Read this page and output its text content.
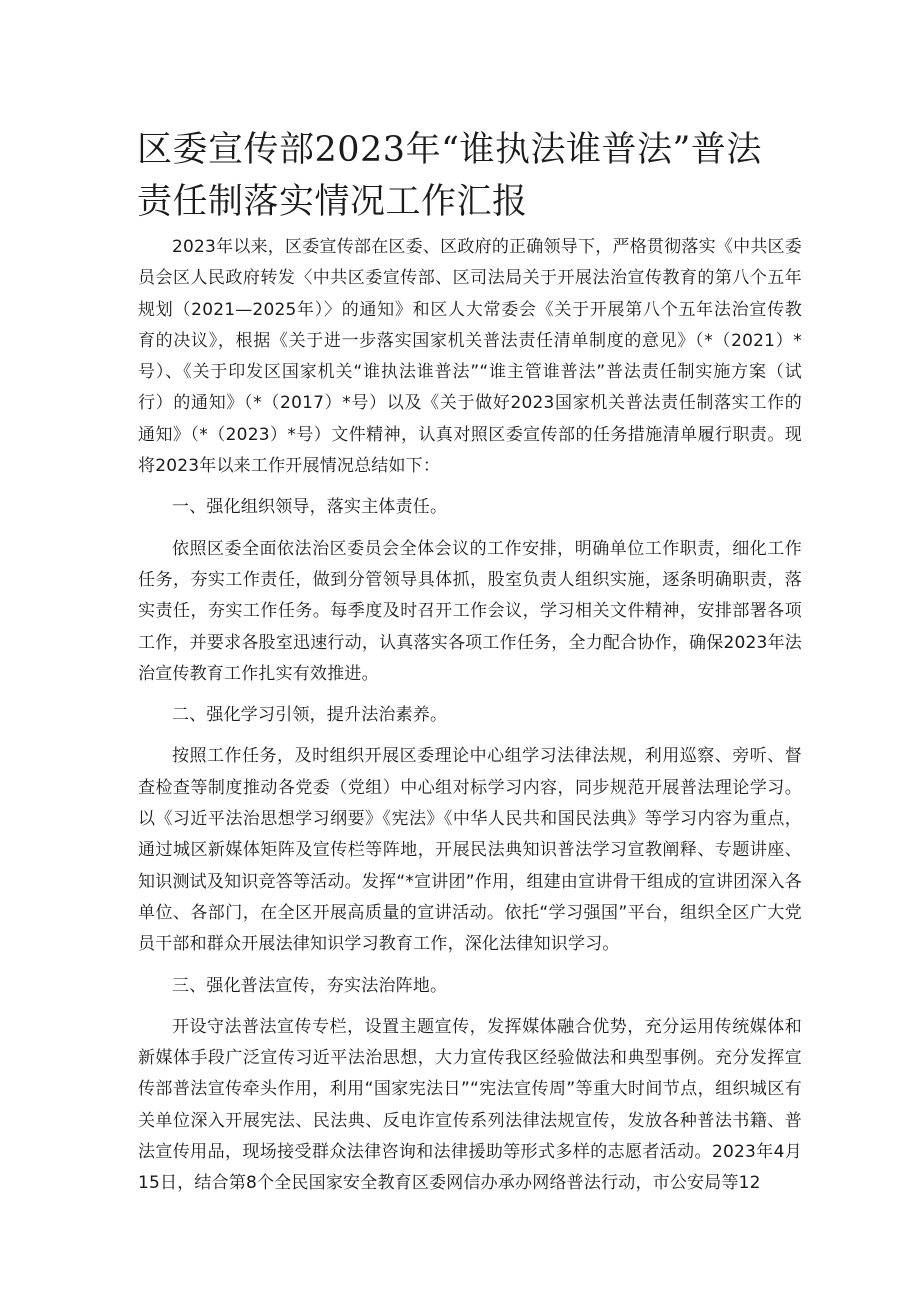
区委宣传部2023年“谁执法谁普法”普法责任制落实情况工作汇报

2023年以来，区委宣传部在区委、区政府的正确领导下，严格贯彻落实《中共区委员会区人民政府转发〈中共区委宣传部、区司法局关于开展法治宣传教育的第八个五年规划（2021—2025年）〉的通知》和区人大常委会《关于开展第八个五年法治宣传教育的决议》，根据《关于进一步落实国家机关普法责任清单制度的意见》（*（2021）*号）、《关于印发区国家机关“谁执法谁普法”“谁主管谁普法”普法责任制实施方案（试行）的通知》（*（2017）*号）以及《关于做好2023国家机关普法责任制落实工作的通知》（*（2023）*号）文件精神，认真对照区委宣传部的任务措施清单履行职责。现将2023年以来工作开展情况总结如下：

一、强化组织领导，落实主体责任。

依照区委全面依法治区委员会全体会议的工作安排，明确单位工作职责，细化工作任务，夯实工作责任，做到分管领导具体抓，股室负责人组织实施，逐条明确职责，落实责任，夯实工作任务。每季度及时召开工作会议，学习相关文件精神，安排部署各项工作，并要求各股室迅速行动，认真落实各项工作任务，全力配合协作，确保2023年法治宣传教育工作扎实有效推进。

二、强化学习引领，提升法治素养。

按照工作任务，及时组织开展区委理论中心组学习法律法规，利用巡察、旁听、督查检查等制度推动各党委（党组）中心组对标学习内容，同步规范开展普法理论学习。以《习近平法治思想学习纲要》《宪法》《中华人民共和国民法典》等学习内容为重点，通过城区新媒体矩阵及宣传栏等阵地，开展民法典知识普法学习宣教阐释、专题讲座、知识测试及知识竞答等活动。发挥“*宣讲团”作用，组建由宣讲骨干组成的宣讲团深入各单位、各部门，在全区开展高质量的宣讲活动。依托“学习强国”平台，组织全区广大党员干部和群众开展法律知识学习教育工作，深化法律知识学习。

三、强化普法宣传，夯实法治阵地。

开设守法普法宣传专栏，设置主题宣传，发挥媒体融合优势，充分运用传统媒体和新媒体手段广泛宣传习近平法治思想，大力宣传我区经验做法和典型事例。充分发挥宣传部普法宣传牵头作用，利用“国家宪法日”“宪法宣传周”等重大时间节点，组织城区有关单位深入开展宪法、民法典、反电诈宣传系列法律法规宣传，发放各种普法书籍、普法宣传用品，现场接受群众法律咨询和法律援助等形式多样的志愿者活动。2023年4月15日，结合第8个全民国家安全教育区委网信办承办网络普法行动，市公安局等12
